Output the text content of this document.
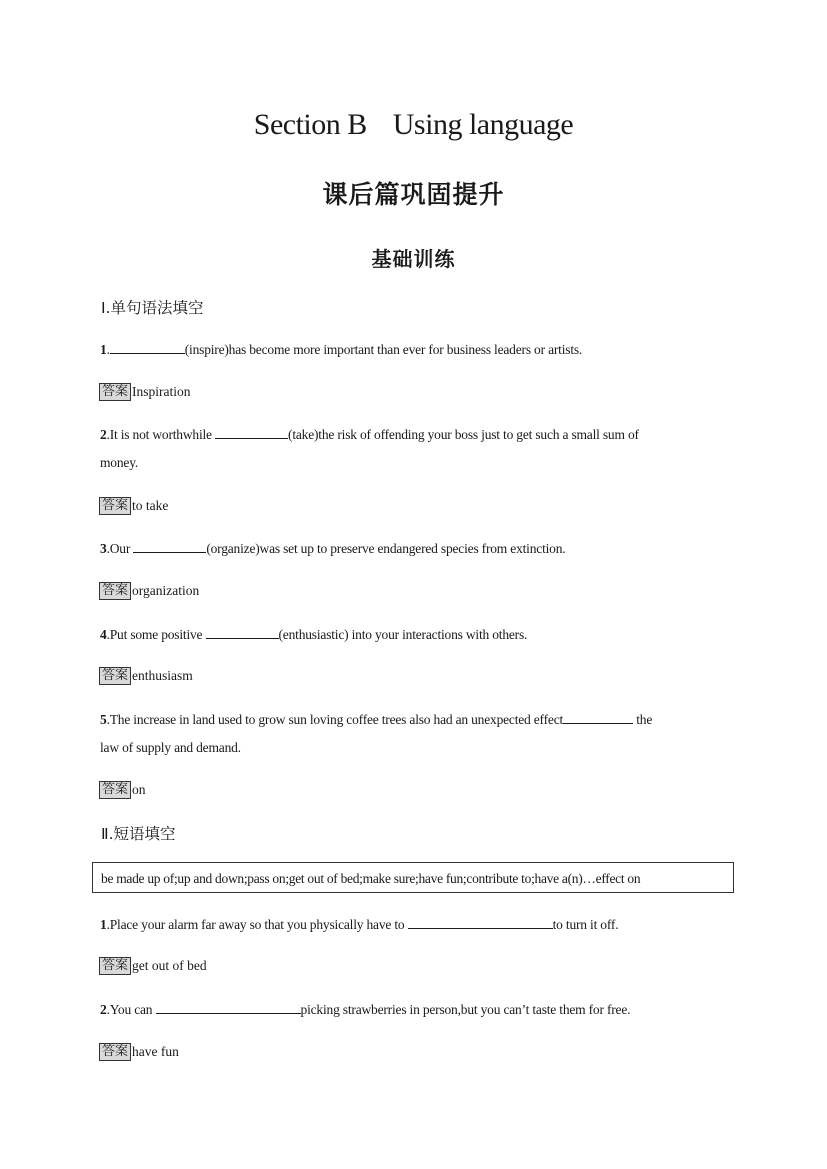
Section B Using language
课后篇巩固提升
基础训练
Ⅰ.单句语法填空
1.	(inspire)has become more important than ever for business leaders or artists.
答案 Inspiration
2.It is not worthwhile	(take)the risk of offending your boss just to get such a small sum of
money.
答案 to take
3.Our	(organize)was set up to preserve endangered species from extinction.
答案 organization
4.Put some positive	(enthusiastic) into your interactions with others.
答案 enthusiasm
5.The increase in land used to grow sun loving coffee trees also had an unexpected effect	the
law of supply and demand.
答案 on
Ⅱ.短语填空
be made up of;up and down;pass on;get out of bed;make sure;have fun;contribute to;have a(n)…effect on
1.Place your alarm far away so that you physically have to	to turn it off.
答案 get out of bed
2.You can	picking strawberries in person,but you can’t taste them for free.
答案 have fun
